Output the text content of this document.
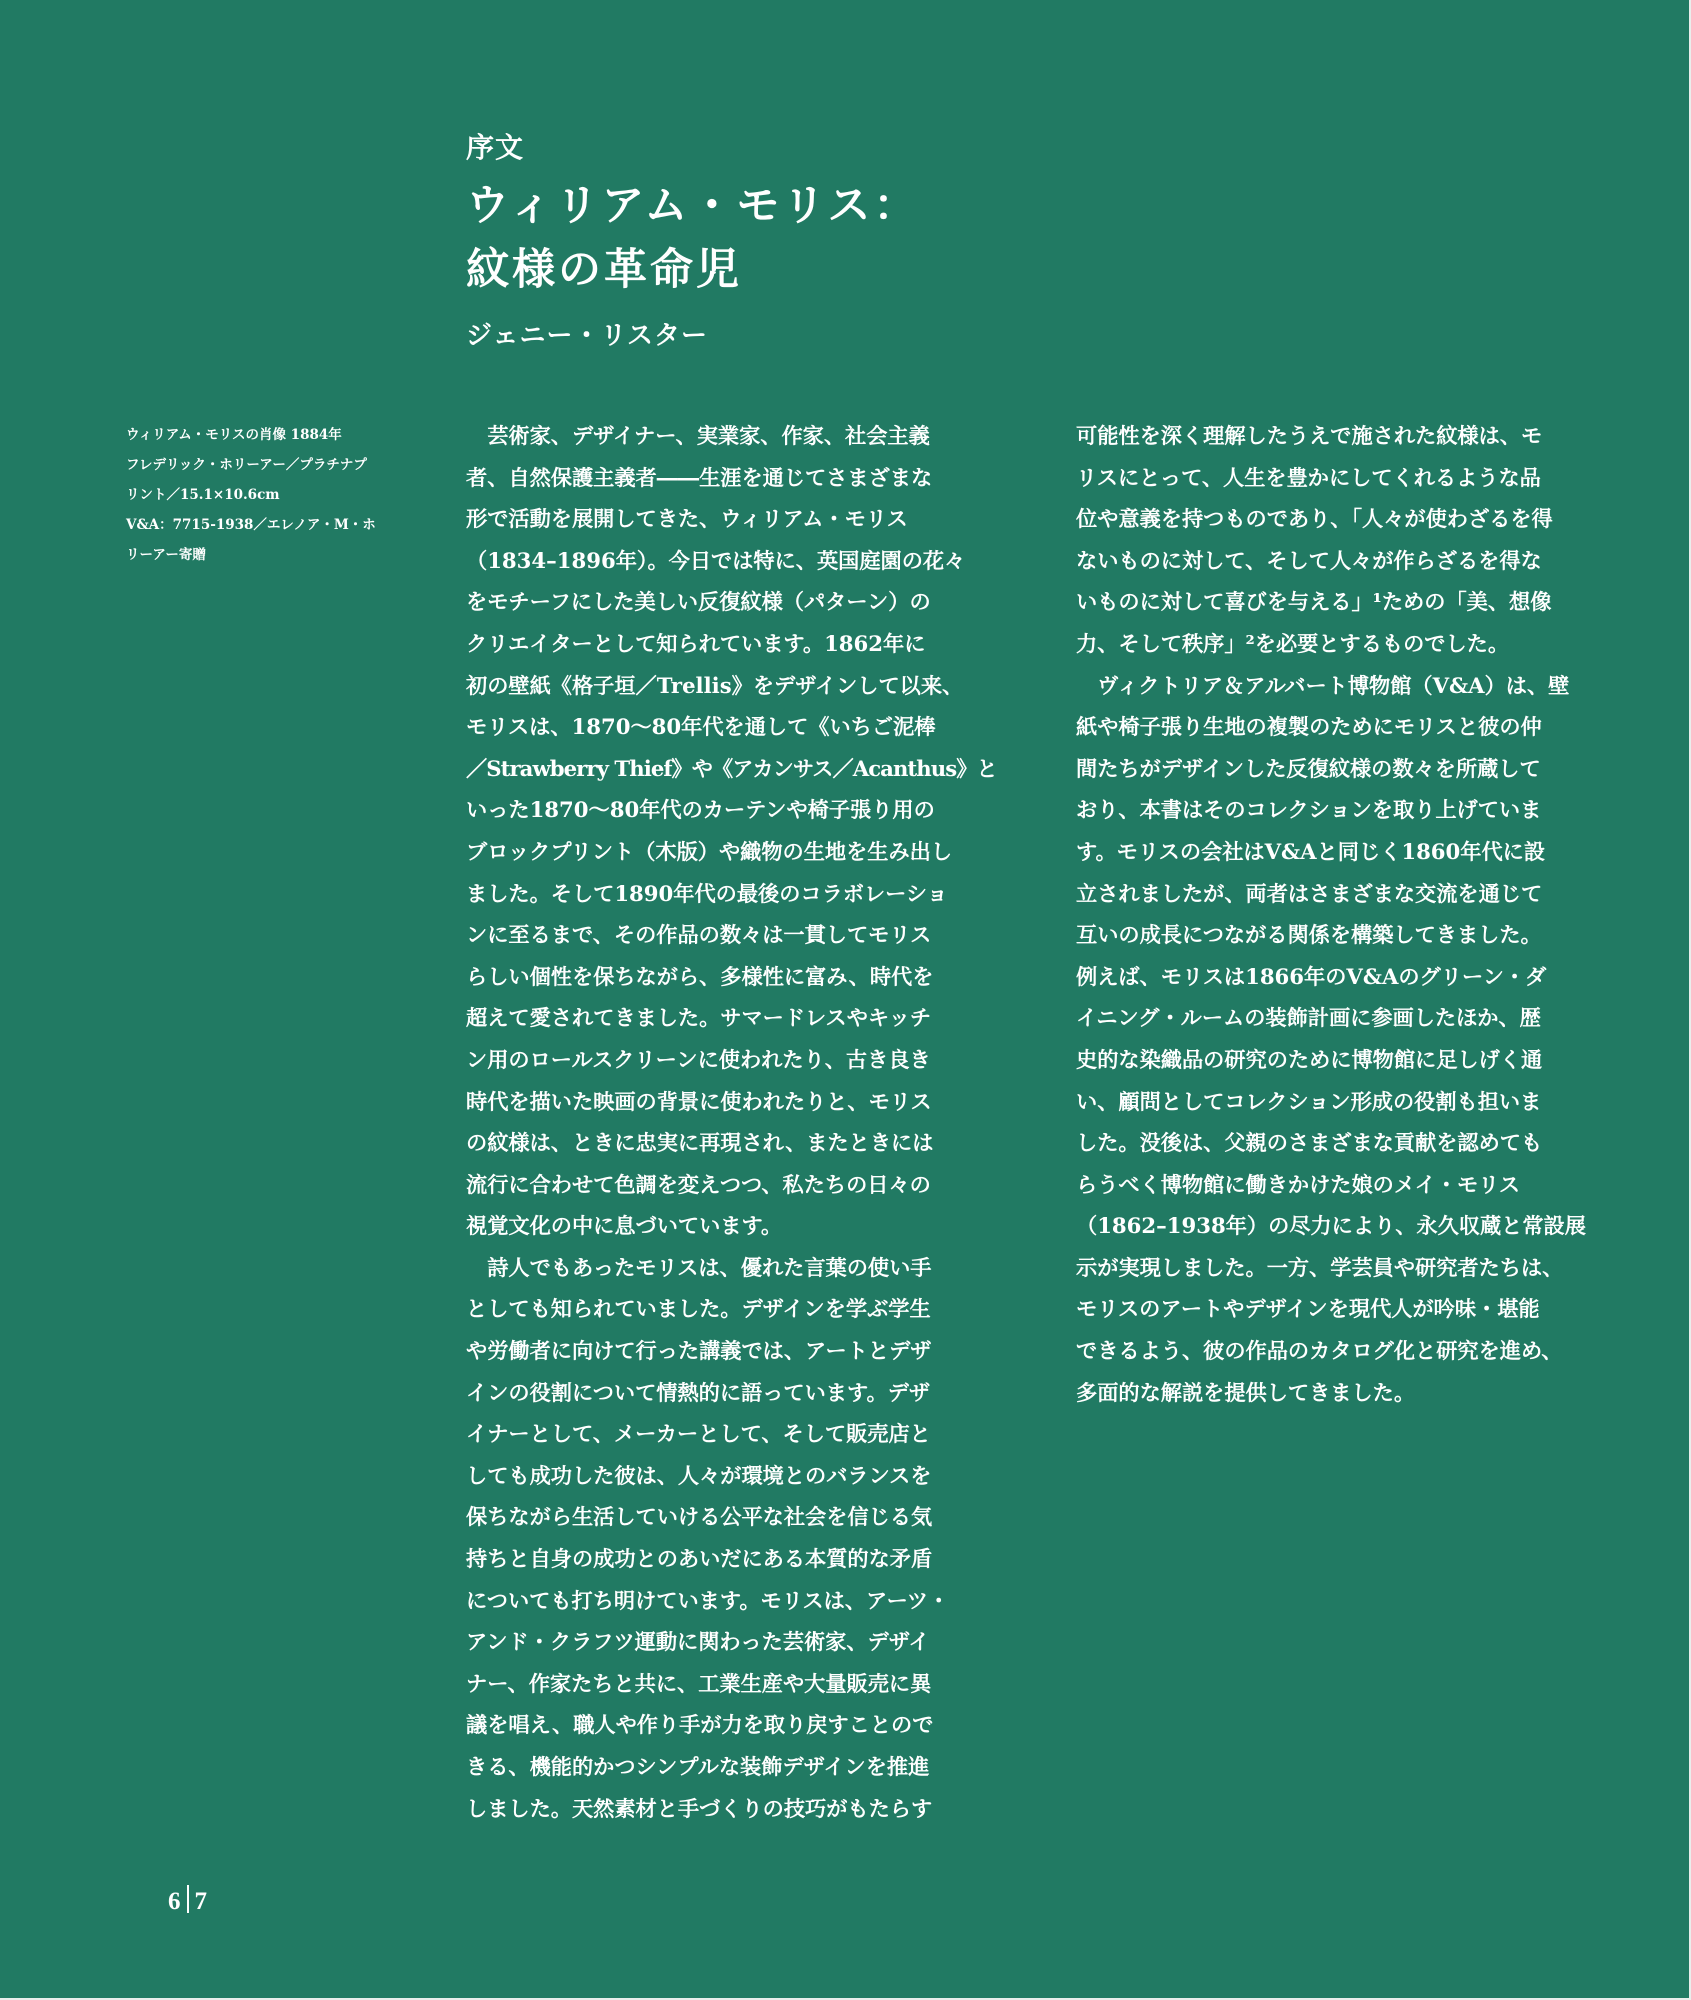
序文
ウィリアム・モリス：
紋様の革命児
ジェニー・リスター
ウィリアム・モリスの肖像 1884年
フレデリック・ホリーアー／プラチナプ
リント／15.1×10.6cm
V&A：7715-1938／エレノア・M・ホ
リーアー寄贈
　芸術家、デザイナー、実業家、作家、社会主義
者、自然保護主義者――生涯を通じてさまざまな
形で活動を展開してきた、ウィリアム・モリス
（1834–1896年）。今日では特に、英国庭園の花々
をモチーフにした美しい反復紋様（パターン）の
クリエイターとして知られています。1862年に
初の壁紙《格子垣／Trellis》をデザインして以来、
モリスは、1870～80年代を通して《いちご泥棒
／Strawberry Thief》や《アカンサス／Acanthus》と
いった1870～80年代のカーテンや椅子張り用の
ブロックプリント（木版）や織物の生地を生み出し
ました。そして1890年代の最後のコラボレーショ
ンに至るまで、その作品の数々は一貫してモリス
らしい個性を保ちながら、多様性に富み、時代を
超えて愛されてきました。サマードレスやキッチ
ン用のロールスクリーンに使われたり、古き良き
時代を描いた映画の背景に使われたりと、モリス
の紋様は、ときに忠実に再現され、またときには
流行に合わせて色調を変えつつ、私たちの日々の
視覚文化の中に息づいています。
　詩人でもあったモリスは、優れた言葉の使い手
としても知られていました。デザインを学ぶ学生
や労働者に向けて行った講義では、アートとデザ
インの役割について情熱的に語っています。デザ
イナーとして、メーカーとして、そして販売店と
しても成功した彼は、人々が環境とのバランスを
保ちながら生活していける公平な社会を信じる気
持ちと自身の成功とのあいだにある本質的な矛盾
についても打ち明けています。モリスは、アーツ・
アンド・クラフツ運動に関わった芸術家、デザイ
ナー、作家たちと共に、工業生産や大量販売に異
議を唱え、職人や作り手が力を取り戻すことので
きる、機能的かつシンプルな装飾デザインを推進
しました。天然素材と手づくりの技巧がもたらす
可能性を深く理解したうえで施された紋様は、モ
リスにとって、人生を豊かにしてくれるような品
位や意義を持つものであり、「人々が使わざるを得
ないものに対して、そして人々が作らざるを得な
いものに対して喜びを与える」¹ための「美、想像
力、そして秩序」²を必要とするものでした。
　ヴィクトリア＆アルバート博物館（V&A）は、壁
紙や椅子張り生地の複製のためにモリスと彼の仲
間たちがデザインした反復紋様の数々を所蔵して
おり、本書はそのコレクションを取り上げていま
す。モリスの会社はV&Aと同じく1860年代に設
立されましたが、両者はさまざまな交流を通じて
互いの成長につながる関係を構築してきました。
例えば、モリスは1866年のV&Aのグリーン・ダ
イニング・ルームの装飾計画に参画したほか、歴
史的な染織品の研究のために博物館に足しげく通
い、顧問としてコレクション形成の役割も担いま
した。没後は、父親のさまざまな貢献を認めても
らうべく博物館に働きかけた娘のメイ・モリス
（1862–1938年）の尽力により、永久収蔵と常設展
示が実現しました。一方、学芸員や研究者たちは、
モリスのアートやデザインを現代人が吟味・堪能
できるよう、彼の作品のカタログ化と研究を進め、
多面的な解説を提供してきました。
6 7
